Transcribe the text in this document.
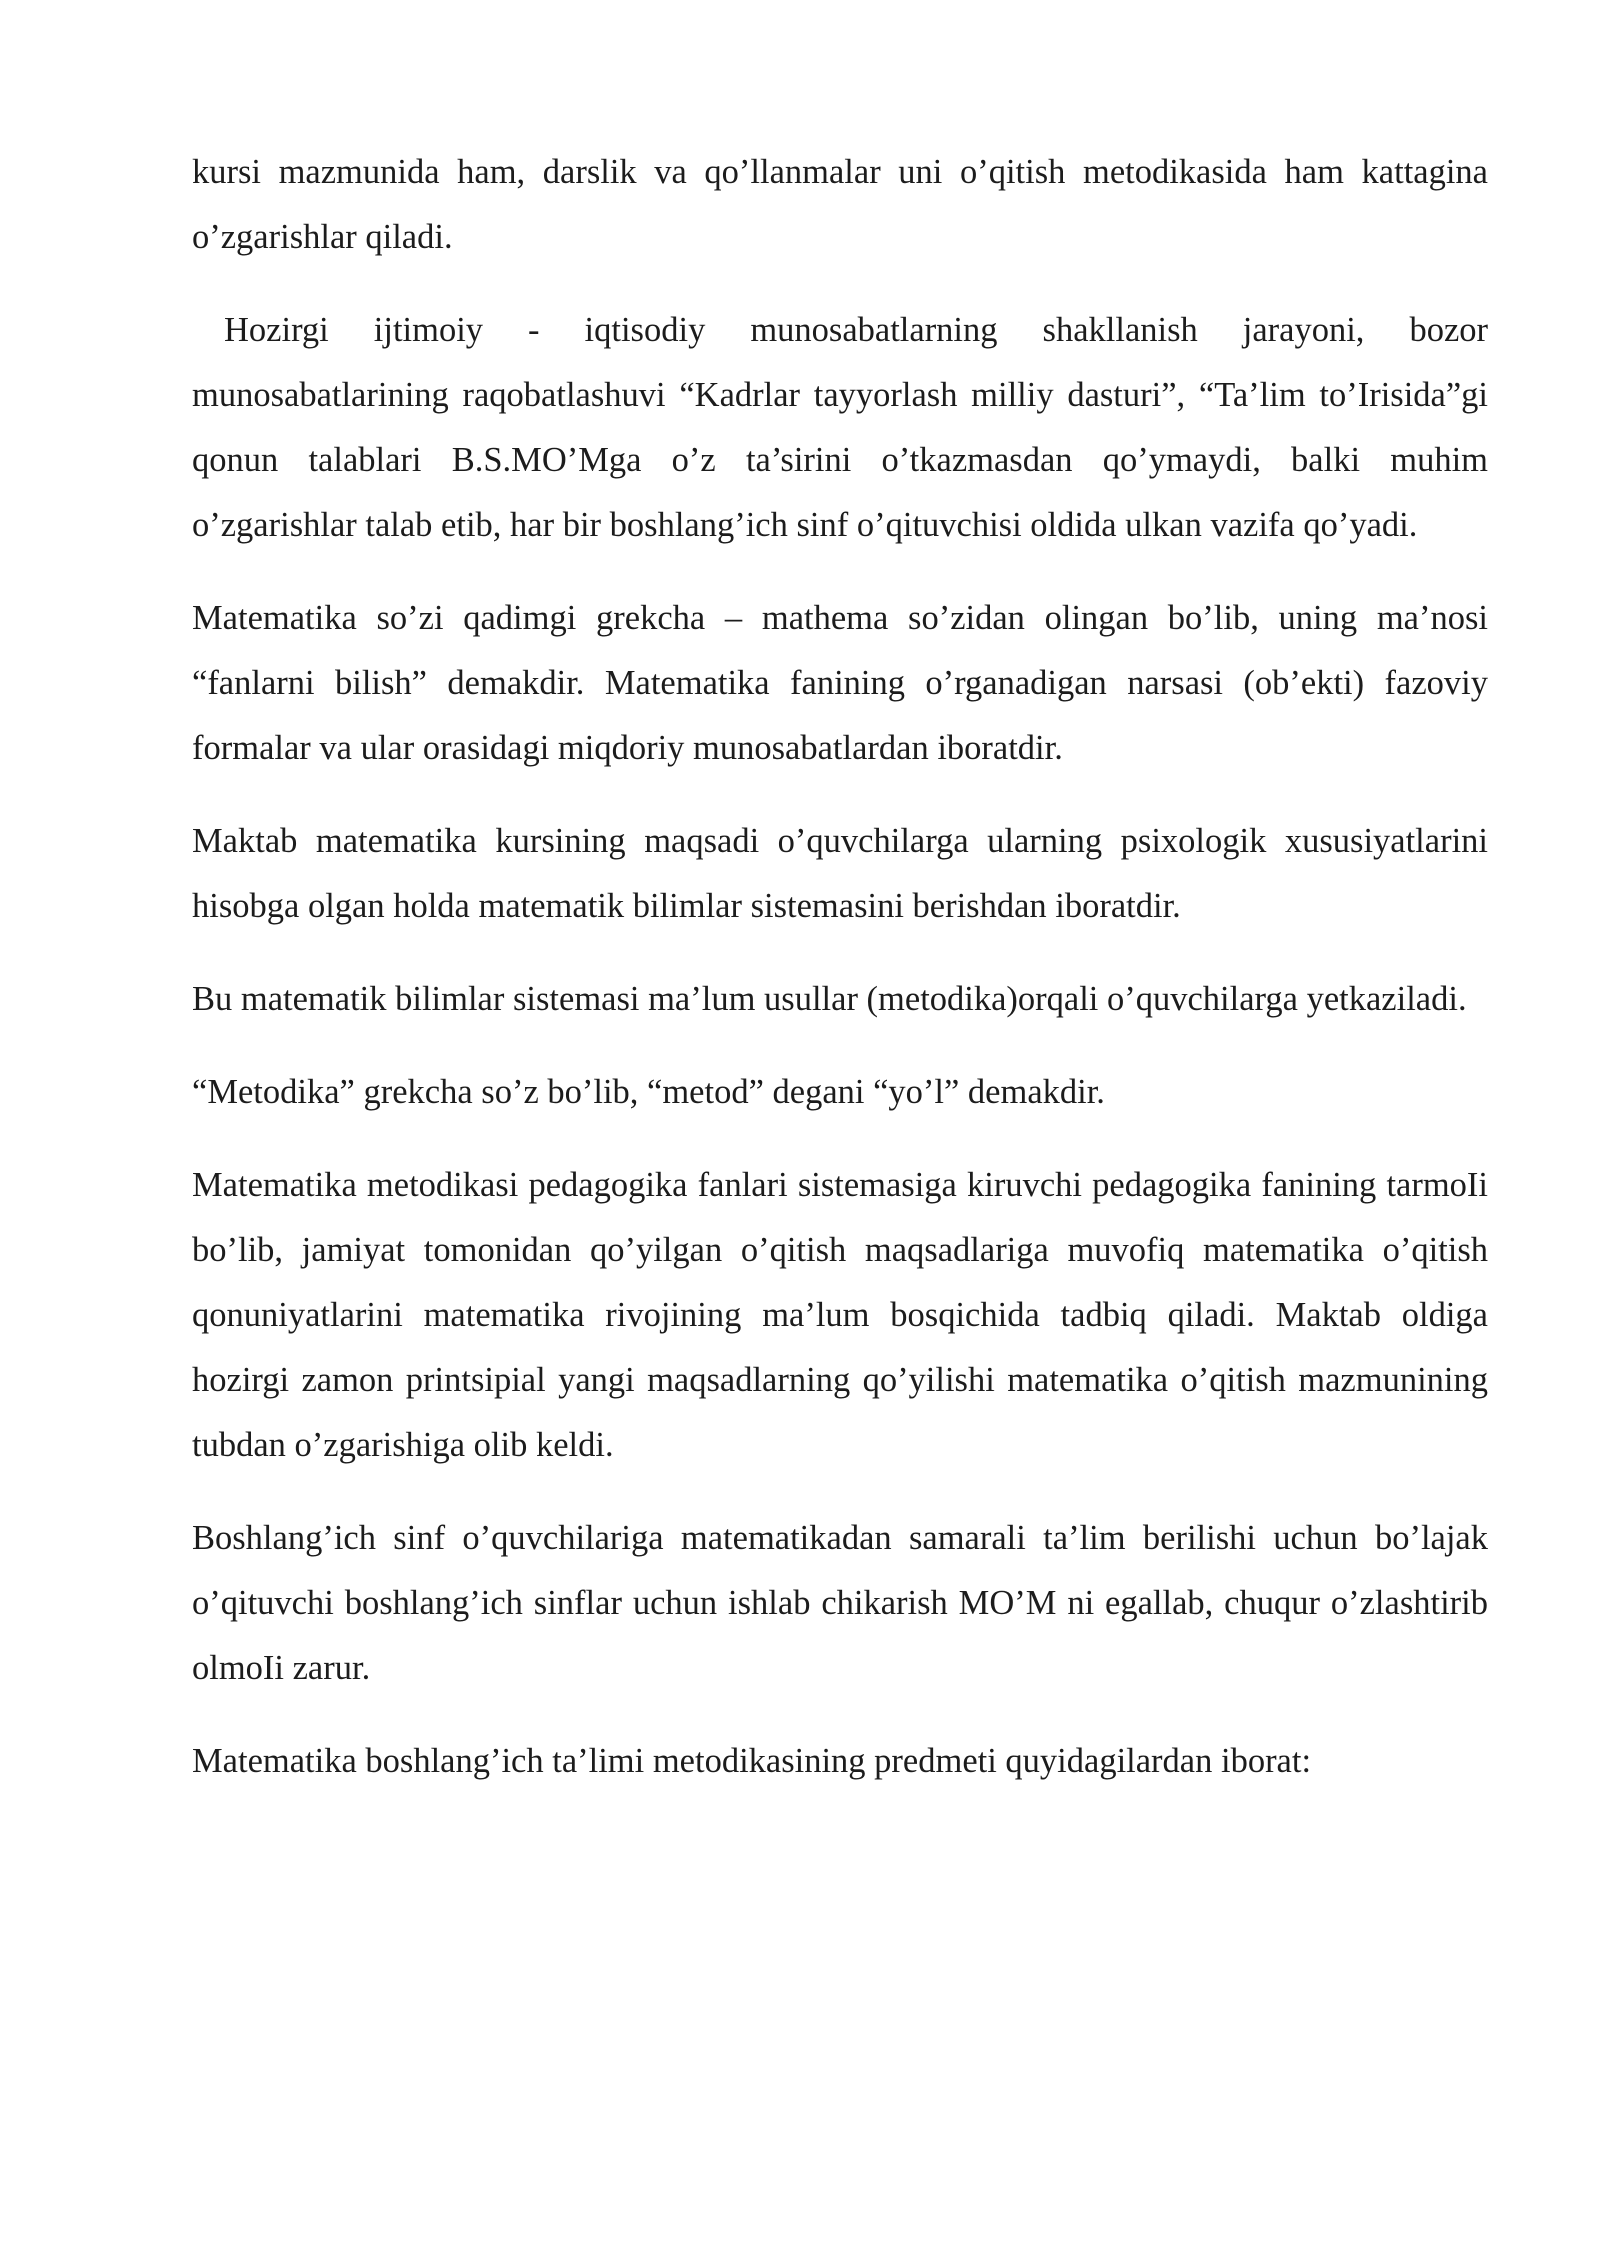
kursi mazmunida ham, darslik va qo’llanmalar uni o’qitish metodikasida ham kattagina o’zgarishlar qiladi.

Hozirgi ijtimoiy - iqtisodiy munosabatlarning shakllanish jarayoni, bozor munosabatlarining raqobatlashuvi “Kadrlar tayyorlash milliy dasturi”, “Ta’lim to’Irisida”gi qonun talablari B.S.MO’Mga o’z ta’sirini o’tkazmasdan qo’ymaydi, balki muhim o’zgarishlar talab etib, har bir boshlang’ich sinf o’qituvchisi oldida ulkan vazifa qo’yadi.

Matematika so’zi qadimgi grekcha – mathema so’zidan olingan bo’lib, uning ma’nosi “fanlarni bilish” demakdir. Matematika fanining o’rganadigan narsasi (ob’ekti) fazoviy formalar va ular orasidagi miqdoriy munosabatlardan iboratdir.

Maktab matematika kursining maqsadi o’quvchilarga ularning psixologik xususiyatlarini hisobga olgan holda matematik bilimlar sistemasini berishdan iboratdir.

Bu matematik bilimlar sistemasi ma’lum usullar (metodika)orqali o’quvchilarga yetkaziladi.

“Metodika” grekcha so’z bo’lib, “metod” degani “yo’l” demakdir.

Matematika metodikasi pedagogika fanlari sistemasiga kiruvchi pedagogika fanining tarmoIi bo’lib, jamiyat tomonidan qo’yilgan o’qitish maqsadlariga muvofiq matematika o’qitish qonuniyatlarini matematika rivojining ma’lum bosqichida tadbiq qiladi. Maktab oldiga hozirgi zamon printsipial yangi maqsadlarning qo’yilishi matematika o’qitish mazmunining tubdan o’zgarishiga olib keldi.

Boshlang’ich sinf o’quvchilariga matematikadan samarali ta’lim berilishi uchun bo’lajak o’qituvchi boshlang’ich sinflar uchun ishlab chikarish MO’M ni egallab, chuqur o’zlashtirib olmoIi zarur.

Matematika boshlang’ich ta’limi metodikasining predmeti quyidagilardan iborat:
